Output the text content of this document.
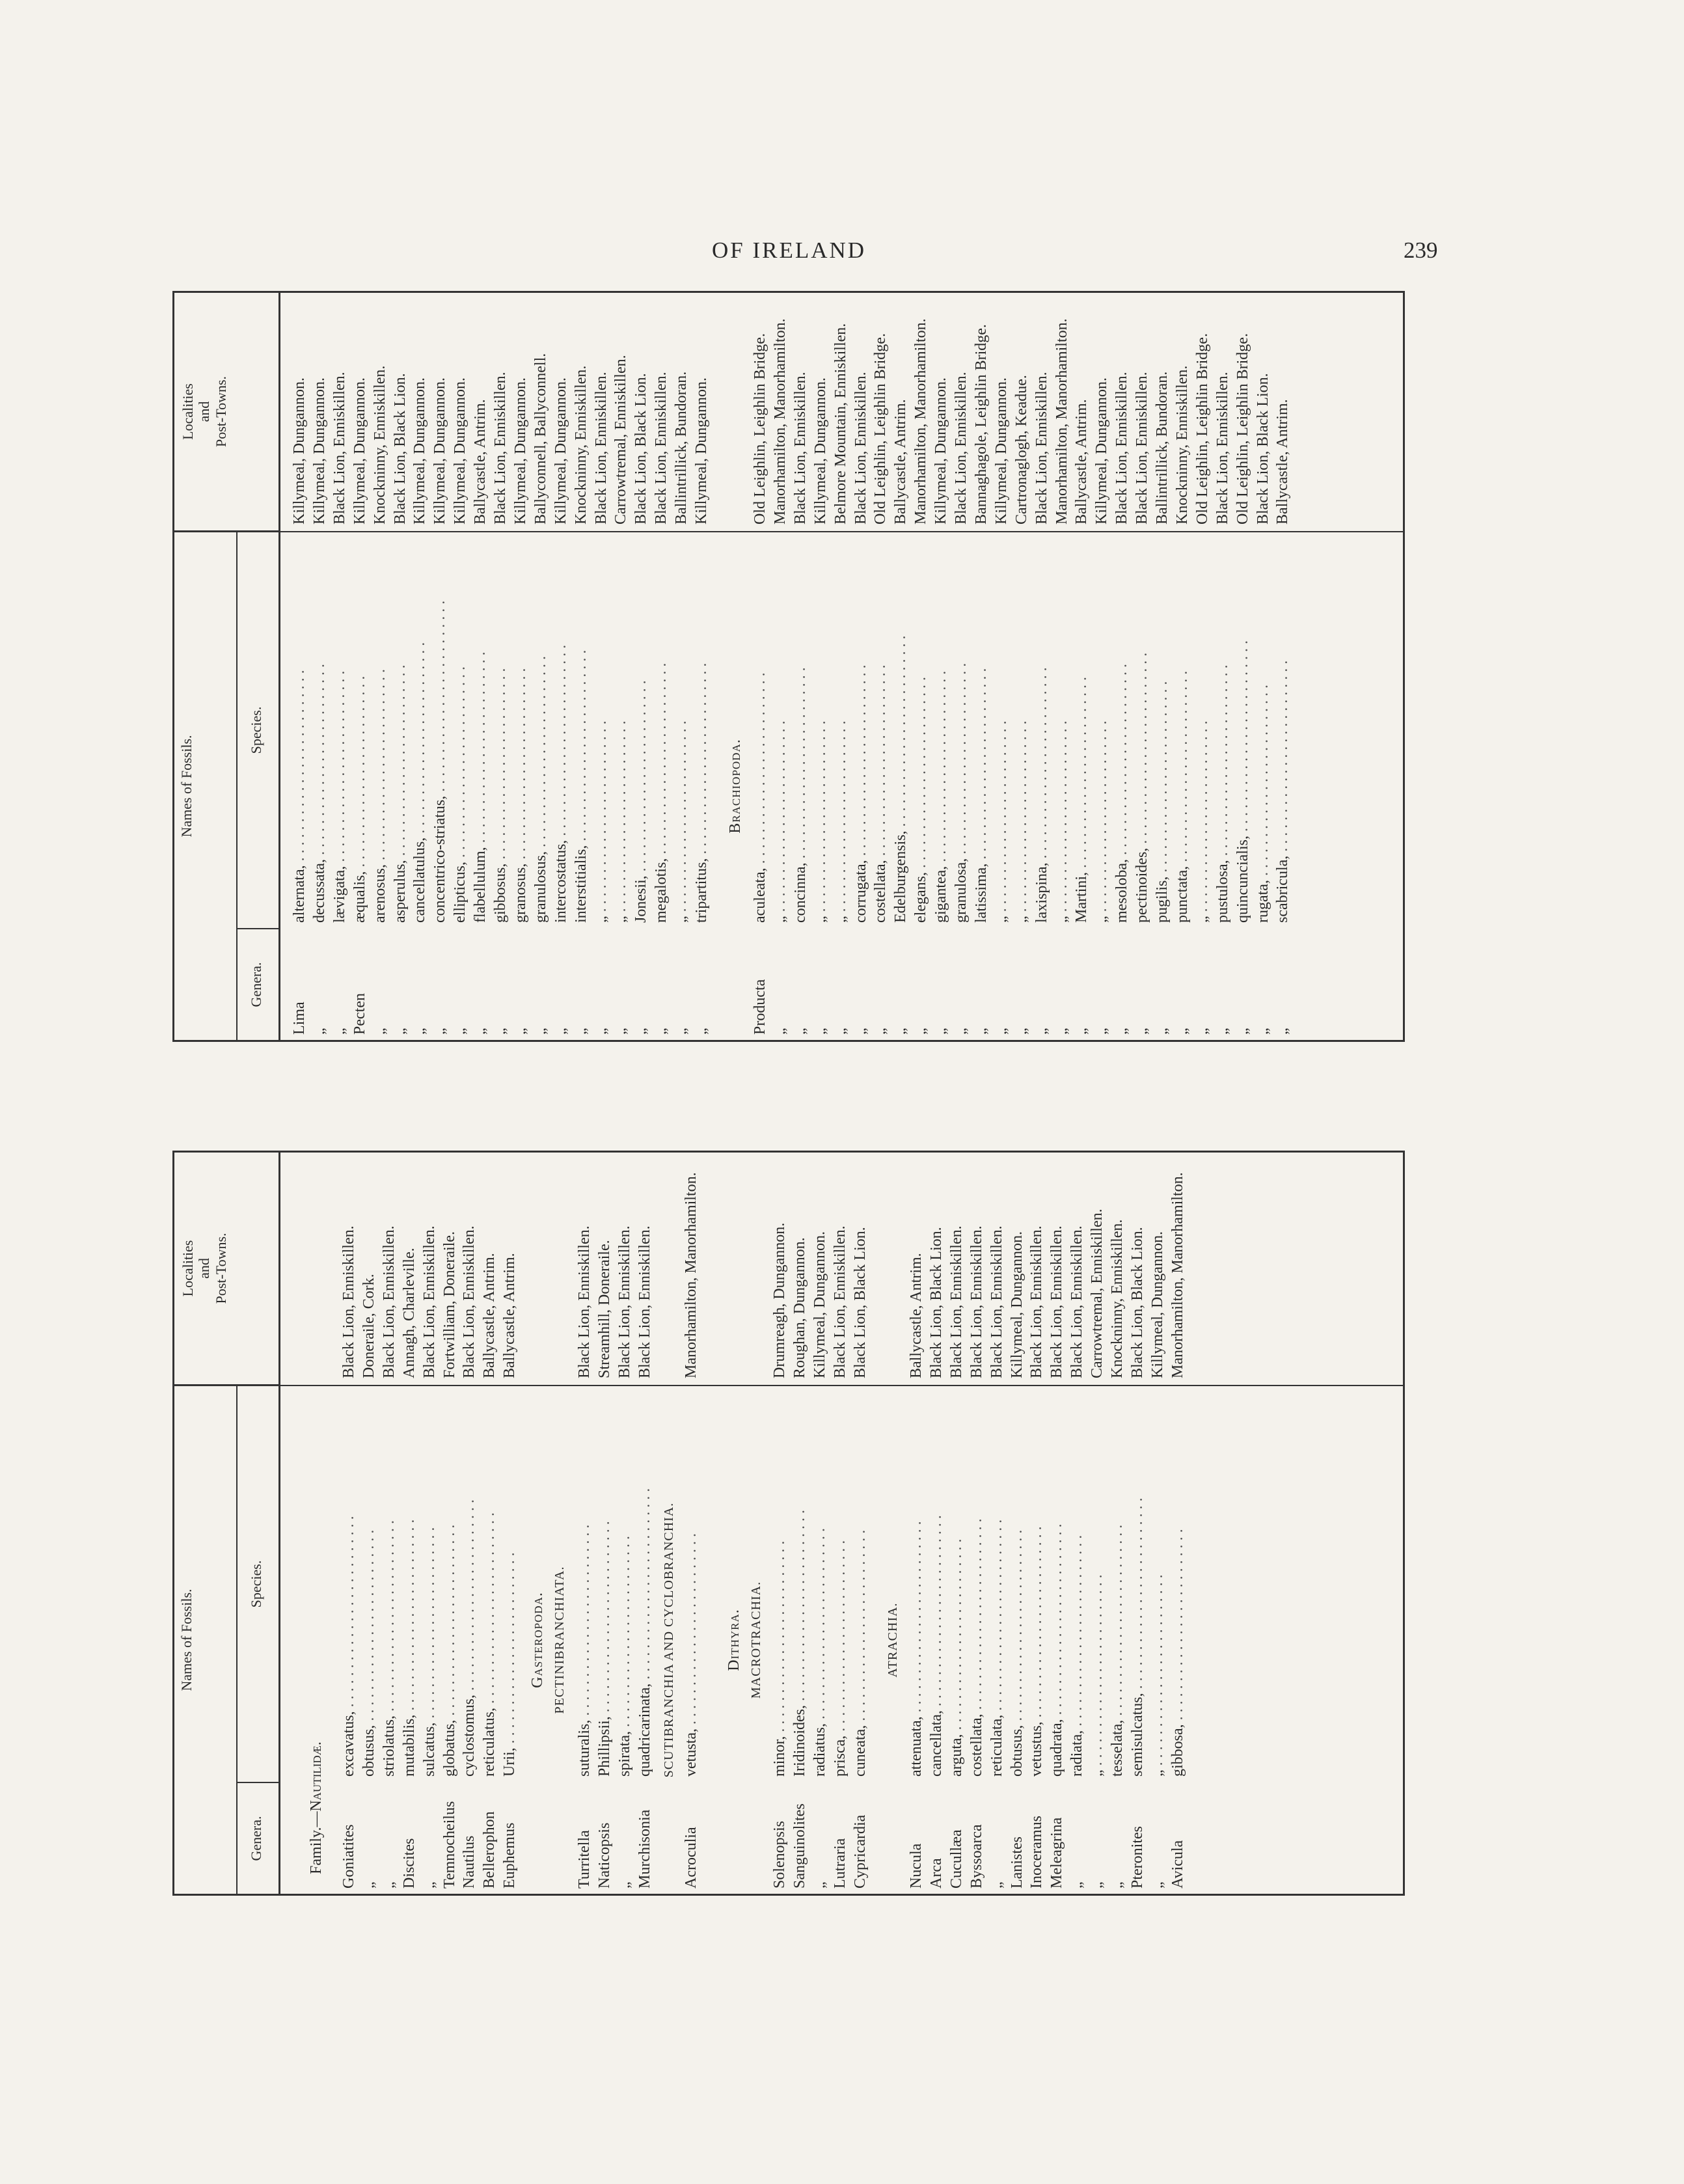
OF IRELAND	239
Names of Fossils.
Genera.
Species.
Localities and Post-Towns.
Lima
alternata, . .
Killymeal, Dungannon.
„
decussata, . .
Killymeal, Dungannon.
„
lævigata, . .
Black Lion, Enniskillen.
Pecten
æqualis, . .
Killymeal, Dungannon.
„
arenosus, . .
Knockninny, Enniskillen.
„
asperulus, . .
Black Lion, Black Lion.
„
cancellatulus, . .
Killymeal, Dungannon.
„
concentrico-striatus, . .
Killymeal, Dungannon.
„
ellipticus, . .
Killymeal, Dungannon.
„
flabellulum, . .
Ballycastle, Antrim.
„
gibbosus, . .
Black Lion, Enniskillen.
„
granosus, . .
Killymeal, Dungannon.
„
granulosus, . .
Ballyconnell, Ballyconnell.
„
intercostatus, . .
Killymeal, Dungannon.
„
interstitialis, . .
Knockninny, Enniskillen.
„
„ . .
Black Lion, Enniskillen.
„
„ . .
Carrowtremal, Enniskillen.
„
Jonesii, . .
Black Lion, Black Lion.
„
megalotis, . .
Black Lion, Enniskillen.
„
„ . .
Ballintrillick, Bundoran.
„
tripartitus, . .
Killymeal, Dungannon.
Brachiopoda.
Producta
aculeata, . .
Old Leighlin, Leighlin Bridge.
„
„ . .
Manorhamilton, Manorhamilton.
„
concinna, . .
Black Lion, Enniskillen.
„
„ . .
Killymeal, Dungannon.
„
„ . .
Belmore Mountain, Enniskillen.
„
corrugata, . .
Black Lion, Enniskillen.
„
costellata, . .
Old Leighlin, Leighlin Bridge.
„
Edelburgensis, . .
Ballycastle, Antrim.
„
elegans, . .
Manorhamilton, Manorhamilton.
„
gigantea, . .
Killymeal, Dungannon.
„
granulosa, . .
Black Lion, Enniskillen.
„
latissima, . .
Bannaghagole, Leighlin Bridge.
„
„ . .
Killymeal, Dungannon.
„
„ . .
Cartronaglogh, Keadue.
„
laxispina, . .
Black Lion, Enniskillen.
„
„ . .
Manorhamilton, Manorhamilton.
„
Martini, . .
Ballycastle, Antrim.
„
„ . .
Killymeal, Dungannon.
„
mesoloba, . .
Black Lion, Enniskillen.
„
pectinoides, . .
Black Lion, Enniskillen.
„
pugilis, . .
Ballintrillick, Bundoran.
„
punctata, . .
Knockninny, Enniskillen.
„
„ . .
Old Leighlin, Leighlin Bridge.
„
pustulosa, . .
Black Lion, Enniskillen.
„
quincuncialis, . .
Old Leighlin, Leighlin Bridge.
„
rugata, . .
Black Lion, Black Lion.
„
scabricula, . .
Ballycastle, Antrim.
Names of Fossils.
Genera.
Species.
Localities and Post-Towns.
Family.—Nautilidæ.
Goniatites
excavatus, . .
Black Lion, Enniskillen.
„
obtusus, . .
Doneraile, Cork.
„
striolatus, . .
Black Lion, Enniskillen.
Discites
mutabilis, . .
Annagh, Charleville.
„
sulcatus, . .
Black Lion, Enniskillen.
Temnocheilus
globatus, . .
Fortwilliam, Doneraile.
Nautilus
cyclostomus, . .
Black Lion, Enniskillen.
Bellerophon
reticulatus, . .
Ballycastle, Antrim.
Euphemus
Urii, . .
Ballycastle, Antrim.
Gasteropoda. PECTINIBRANCHIATA.
Turritella
suturalis, . .
Black Lion, Enniskillen.
Naticopsis
Phillipsii, . .
Streamhill, Doneraile.
„
spirata, . .
Black Lion, Enniskillen.
Murchisonia
quadricarinata, . .
Black Lion, Enniskillen.
SCUTIBRANCHIA AND CYCLOBRANCHIA.
Acroculia
vetusta, . .
Manorhamilton, Manorhamilton.
Dithyra. MACROTRACHIA.
Solenopsis
minor, . .
Drumreagh, Dungannon.
Sanguinolites
Iridinoides, . .
Roughan, Dungannon.
„
radiatus, . .
Killymeal, Dungannon.
Lutraria
prisca, . .
Black Lion, Enniskillen.
Cypricardia
cuneata, . .
Black Lion, Black Lion.
ATRACHIA.
Nucula
attenuata, . .
Ballycastle, Antrim.
Arca
cancellata, . .
Black Lion, Black Lion.
Cucullæa
arguta, . .
Black Lion, Enniskillen.
Byssoarca
costellata, . .
Black Lion, Enniskillen.
„
reticulata, . .
Black Lion, Enniskillen.
Lanistes
obtusus, . .
Killymeal, Dungannon.
Inoceramus
vetustus, . .
Black Lion, Enniskillen.
Meleagrina
quadrata, . .
Black Lion, Enniskillen.
„
radiata, . .
Black Lion, Enniskillen.
„
„ . .
Carrowtremal, Enniskillen.
„
tesselata, . .
Knockninny, Enniskillen.
Pteronites
semisulcatus, . .
Black Lion, Black Lion.
„
„ . .
Killymeal, Dungannon.
Avicula
gibbosa, . .
Manorhamilton, Manorhamilton.
